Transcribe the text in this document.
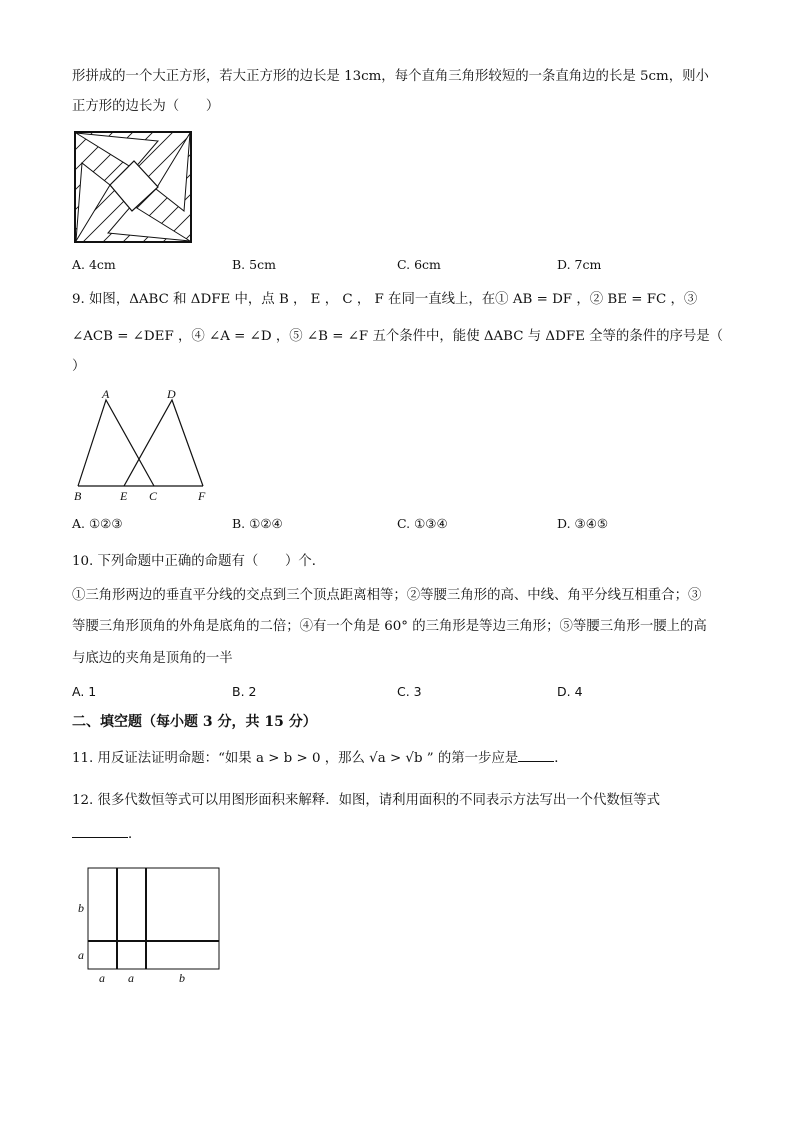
形拼成的一个大正方形，若大正方形的边长是 13cm，每个直角三角形较短的一条直角边的长是 5cm，则小
正方形的边长为（　　）
A. 4cm	B. 5cm	C. 6cm	D. 7cm
9. 如图，ΔABC 和 ΔDFE 中，点 B ， E ， C ， F 在同一直线上，在① AB = DF ，② BE = FC ，③
∠ACB = ∠DEF ，④ ∠A = ∠D ，⑤ ∠B = ∠F 五个条件中，能使 ΔABC 与 ΔDFE 全等的条件的序号是（
）
A	D
B	E C	F
A. ①②③	B. ①②④	C. ①③④	D. ③④⑤
10. 下列命题中正确的命题有（　　）个．
①三角形两边的垂直平分线的交点到三个顶点距离相等；②等腰三角形的高、中线、角平分线互相重合；③
等腰三角形顶角的外角是底角的二倍；④有一个角是 60° 的三角形是等边三角形；⑤等腰三角形一腰上的高
与底边的夹角是顶角的一半
A. 1	B. 2	C. 3	D. 4
二、填空题（每小题 3 分，共 15 分）
11. 用反证法证明命题：“如果 a > b > 0 ，那么 √a > √b ” 的第一步应是	．
12. 很多代数恒等式可以用图形面积来解释．如图，请利用面积的不同表示方法写出一个代数恒等式
．
b
a
a a	b
